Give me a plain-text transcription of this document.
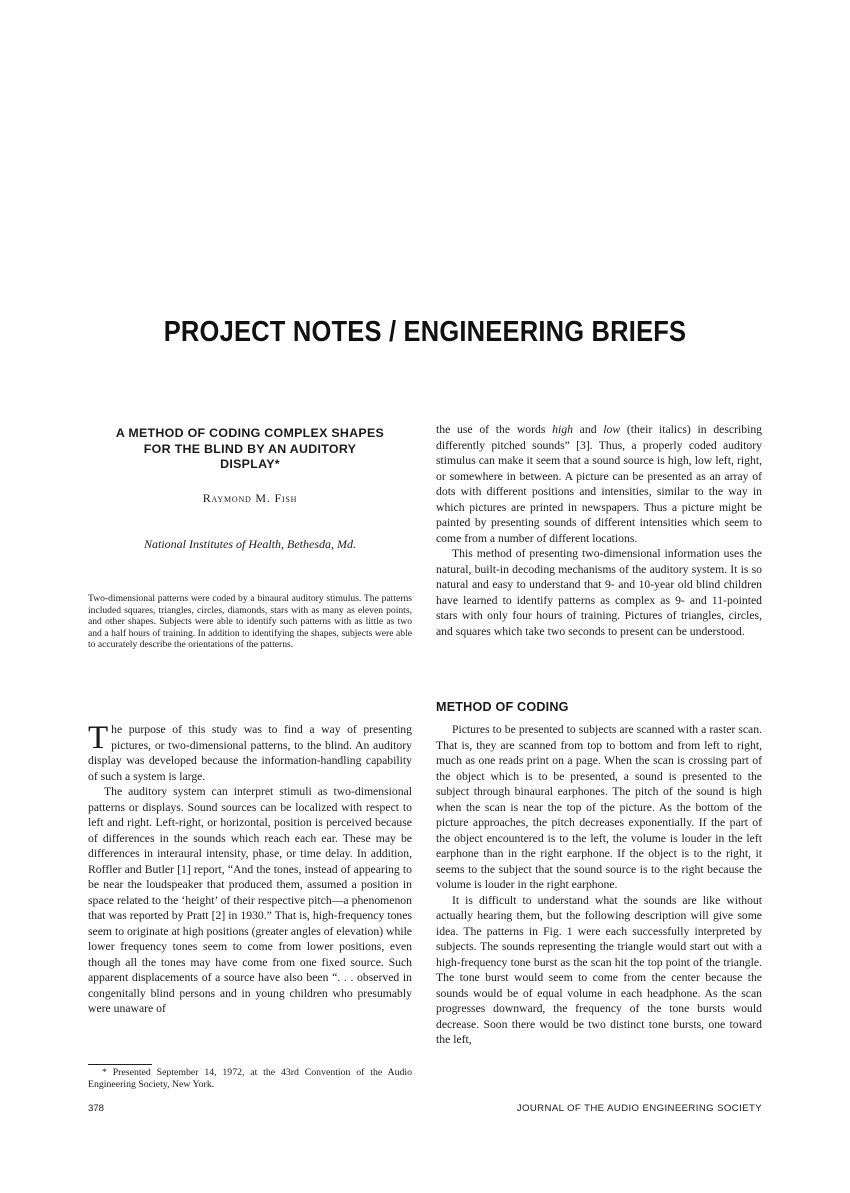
PROJECT NOTES / ENGINEERING BRIEFS
A METHOD OF CODING COMPLEX SHAPES
FOR THE BLIND BY AN AUDITORY
DISPLAY*
Raymond M. Fish
National Institutes of Health, Bethesda, Md.
Two-dimensional patterns were coded by a binaural auditory stimulus. The patterns included squares, triangles, circles, diamonds, stars with as many as eleven points, and other shapes. Subjects were able to identify such patterns with as little as two and a half hours of training. In addition to identifying the shapes, subjects were able to accurately describe the orientations of the patterns.

The purpose of this study was to find a way of presenting pictures, or two-dimensional patterns, to the blind. An auditory display was developed because the information-handling capability of such a system is large.

The auditory system can interpret stimuli as two-dimensional patterns or displays. Sound sources can be localized with respect to left and right. Left-right, or horizontal, position is perceived because of differences in the sounds which reach each ear. These may be differences in interaural intensity, phase, or time delay. In addition, Roffler and Butler [1] report, “And the tones, instead of appearing to be near the loudspeaker that produced them, assumed a position in space related to the ‘height’ of their respective pitch—a phenomenon that was reported by Pratt [2] in 1930.” That is, high-frequency tones seem to originate at high positions (greater angles of elevation) while lower frequency tones seem to come from lower positions, even though all the tones may have come from one fixed source. Such apparent displacements of a source have also been “. . . observed in congenitally blind persons and in young children who presumably were unaware of

* Presented September 14, 1972, at the 43rd Convention of the Audio Engineering Society, New York.

the use of the words high and low (their italics) in describing differently pitched sounds” [3]. Thus, a properly coded auditory stimulus can make it seem that a sound source is high, low left, right, or somewhere in between. A picture can be presented as an array of dots with different positions and intensities, similar to the way in which pictures are printed in newspapers. Thus a picture might be painted by presenting sounds of different intensities which seem to come from a number of different locations.

This method of presenting two-dimensional information uses the natural, built-in decoding mechanisms of the auditory system. It is so natural and easy to understand that 9- and 10-year old blind children have learned to identify patterns as complex as 9- and 11-pointed stars with only four hours of training. Pictures of triangles, circles, and squares which take two seconds to present can be understood.

METHOD OF CODING

Pictures to be presented to subjects are scanned with a raster scan. That is, they are scanned from top to bottom and from left to right, much as one reads print on a page. When the scan is crossing part of the object which is to be presented, a sound is presented to the subject through binaural earphones. The pitch of the sound is high when the scan is near the top of the picture. As the bottom of the picture approaches, the pitch decreases exponentially. If the part of the object encountered is to the left, the volume is louder in the left earphone than in the right earphone. If the object is to the right, it seems to the subject that the sound source is to the right because the volume is louder in the right earphone.

It is difficult to understand what the sounds are like without actually hearing them, but the following description will give some idea. The patterns in Fig. 1 were each successfully interpreted by subjects. The sounds representing the triangle would start out with a high-frequency tone burst as the scan hit the top point of the triangle. The tone burst would seem to come from the center because the sounds would be of equal volume in each headphone. As the scan progresses downward, the frequency of the tone bursts would decrease. Soon there would be two distinct tone bursts, one toward the left,

378	JOURNAL OF THE AUDIO ENGINEERING SOCIETY
